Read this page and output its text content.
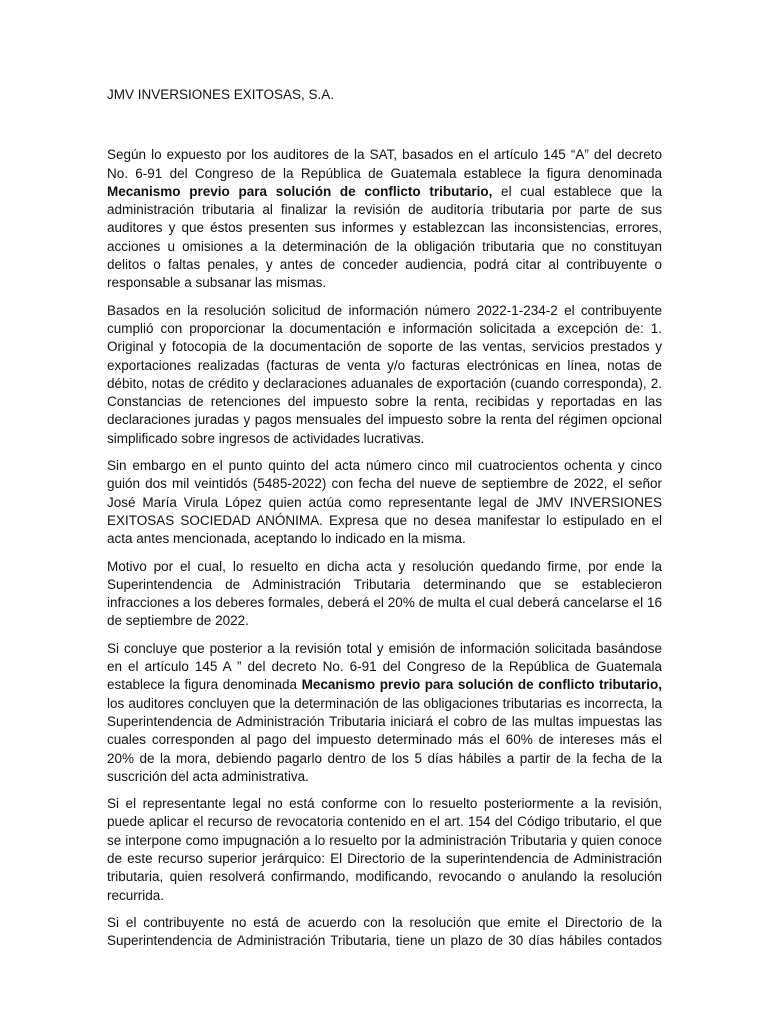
JMV INVERSIONES EXITOSAS, S.A.

Según lo expuesto por los auditores de la SAT, basados en el artículo 145 “A” del decreto No. 6-91 del Congreso de la República de Guatemala establece la figura denominada Mecanismo previo para solución de conflicto tributario, el cual establece que la administración tributaria al finalizar la revisión de auditoría tributaria por parte de sus auditores y que éstos presenten sus informes y establezcan las inconsistencias, errores, acciones u omisiones a la determinación de la obligación tributaria que no constituyan delitos o faltas penales, y antes de conceder audiencia, podrá citar al contribuyente o responsable a subsanar las mismas.

Basados en la resolución solicitud de información número 2022-1-234-2 el contribuyente cumplió con proporcionar la documentación e información solicitada a excepción de: 1. Original y fotocopia de la documentación de soporte de las ventas, servicios prestados y exportaciones realizadas (facturas de venta y/o facturas electrónicas en línea, notas de débito, notas de crédito y declaraciones aduanales de exportación (cuando corresponda), 2. Constancias de retenciones del impuesto sobre la renta, recibidas y reportadas en las declaraciones juradas y pagos mensuales del impuesto sobre la renta del régimen opcional simplificado sobre ingresos de actividades lucrativas.

Sin embargo en el punto quinto del acta número cinco mil cuatrocientos ochenta y cinco guión dos mil veintidós (5485-2022) con fecha del nueve de septiembre de 2022, el señor José María Virula López quien actúa como representante legal de JMV INVERSIONES EXITOSAS SOCIEDAD ANÓNIMA. Expresa que no desea manifestar lo estipulado en el acta antes mencionada, aceptando lo indicado en la misma.

Motivo por el cual, lo resuelto en dicha acta y resolución quedando firme, por ende la Superintendencia de Administración Tributaria determinando que se establecieron infracciones a los deberes formales, deberá el 20% de multa el cual deberá cancelarse el 16 de septiembre de 2022.

Si concluye que posterior a la revisión total y emisión de información solicitada basándose en el artículo 145 A ” del decreto No. 6-91 del Congreso de la República de Guatemala establece la figura denominada Mecanismo previo para solución de conflicto tributario, los auditores concluyen que la determinación de las obligaciones tributarias es incorrecta, la Superintendencia de Administración Tributaria iniciará el cobro de las multas impuestas las cuales corresponden al pago del impuesto determinado más el 60% de intereses más el 20% de la mora, debiendo pagarlo dentro de los 5 días hábiles a partir de la fecha de la suscrición del acta administrativa.

Si el representante legal no está conforme con lo resuelto posteriormente a la revisión, puede aplicar el recurso de revocatoria contenido en el art. 154 del Código tributario, el que se interpone como impugnación a lo resuelto por la administración Tributaria y quien conoce de este recurso superior jerárquico: El Directorio de la superintendencia de Administración tributaria, quien resolverá confirmando, modificando, revocando o anulando la resolución recurrida.

Si el contribuyente no está de acuerdo con la resolución que emite el Directorio de la Superintendencia de Administración Tributaria, tiene un plazo de 30 días hábiles contados
